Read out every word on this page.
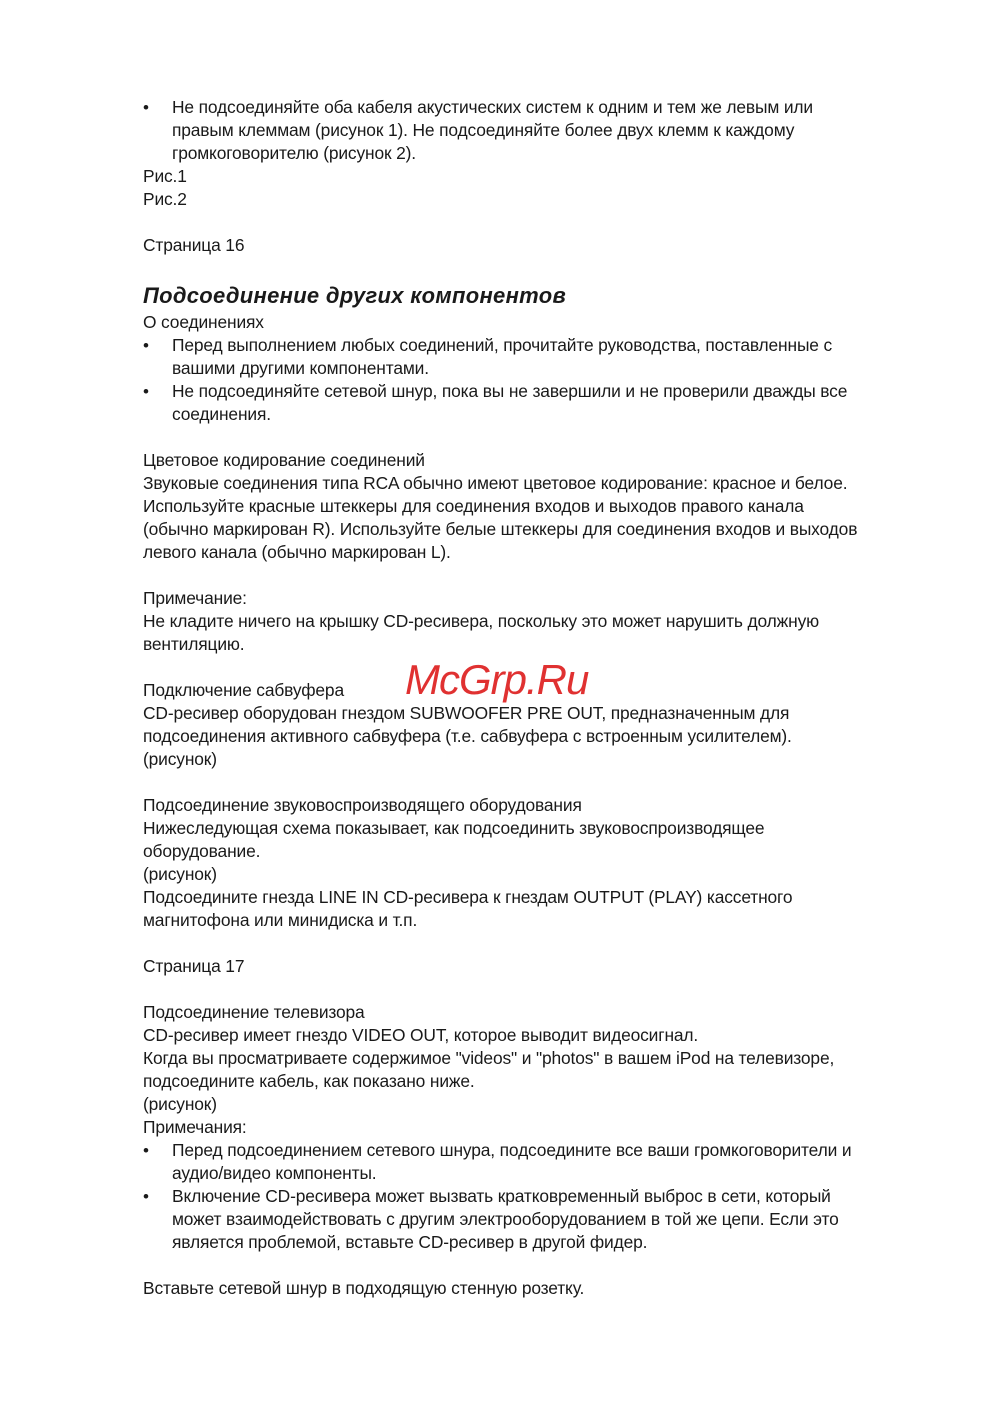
• Не подсоединяйте оба кабеля акустических систем к одним и тем же левым или
правым клеммам (рисунок 1). Не подсоединяйте более двух клемм к каждому
громкоговорителю (рисунок 2).
Рис.1
Рис.2
Страница 16
Подсоединение других компонентов
О соединениях
• Перед выполнением любых соединений, прочитайте руководства, поставленные с
вашими другими компонентами.
• Не подсоединяйте сетевой шнур, пока вы не завершили и не проверили дважды все
соединения.
Цветовое кодирование соединений
Звуковые соединения типа RCA обычно имеют цветовое кодирование: красное и белое.
Используйте красные штеккеры для соединения входов и выходов правого канала
(обычно маркирован R). Используйте белые штеккеры для соединения входов и выходов
левого канала (обычно маркирован L).
Примечание:
Не кладите ничего на крышку CD-ресивера, поскольку это может нарушить должную
вентиляцию.
Подключение сабвуфера
CD-ресивер оборудован гнездом SUBWOOFER PRE OUT, предназначенным для
подсоединения активного сабвуфера (т.е. сабвуфера с встроенным усилителем).
(рисунок)
Подсоединение звуковоспроизводящего оборудования
Нижеследующая схема показывает, как подсоединить звуковоспроизводящее
оборудование.
(рисунок)
Подсоедините гнезда LINE IN CD-ресивера к гнездам OUTPUT (PLAY) кассетного
магнитофона или минидиска и т.п.
Страница 17
Подсоединение телевизора
CD-ресивер имеет гнездо VIDEO OUT, которое выводит видеосигнал.
Когда вы просматриваете содержимое "videos" и "photos" в вашем iPod на телевизоре,
подсоедините кабель, как показано ниже.
(рисунок)
Примечания:
• Перед подсоединением сетевого шнура, подсоедините все ваши громкоговорители и
аудио/видео компоненты.
• Включение CD-ресивера может вызвать кратковременный выброс в сети, который
может взаимодействовать с другим электрооборудованием в той же цепи. Если это
является проблемой, вставьте CD-ресивер в другой фидер.
Вставьте сетевой шнур в подходящую стенную розетку.
McGrp.Ru
